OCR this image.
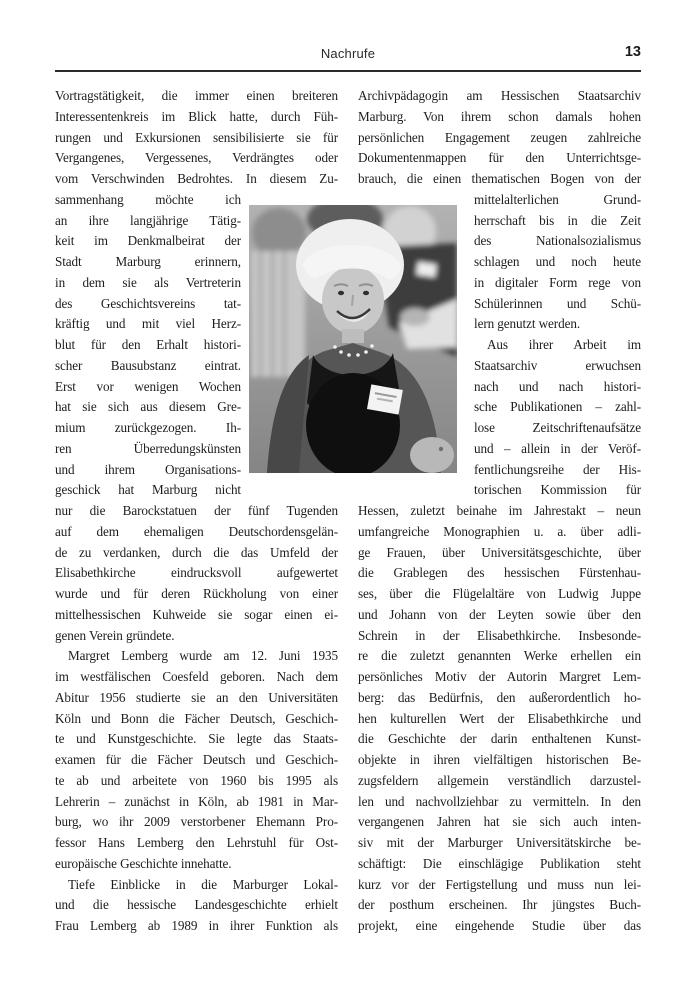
Nachrufe	13
Vortragstätigkeit, die immer einen breiteren
Interessentenkreis im Blick hatte, durch Füh-
rungen und Exkursionen sensibilisierte sie für
Vergangenes, Vergessenes, Verdrängtes oder
vom Verschwinden Bedrohtes. In diesem Zu-
sammenhang möchte ich
an ihre langjährige Tätig-
keit im Denkmalbeirat der
Stadt Marburg erinnern,
in dem sie als Vertreterin
des Geschichtsvereins tat-
kräftig und mit viel Herz-
blut für den Erhalt histori-
scher Bausubstanz eintrat.
Erst vor wenigen Wochen
hat sie sich aus diesem Gre-
mium zurückgezogen. Ih-
ren Überredungskünsten
und ihrem Organisations-
geschick hat Marburg nicht
nur die Barockstatuen der fünf Tugenden
auf dem ehemaligen Deutschordensgelän-
de zu verdanken, durch die das Umfeld der
Elisabethkirche eindrucksvoll aufgewertet
wurde und für deren Rückholung von einer
mittelhessischen Kuhweide sie sogar einen ei-
genen Verein gründete.
Margret Lemberg wurde am 12. Juni 1935
im westfälischen Coesfeld geboren. Nach dem
Abitur 1956 studierte sie an den Universitäten
Köln und Bonn die Fächer Deutsch, Geschich-
te und Kunstgeschichte. Sie legte das Staats-
examen für die Fächer Deutsch und Geschich-
te ab und arbeitete von 1960 bis 1995 als
Lehrerin – zunächst in Köln, ab 1981 in Mar-
burg, wo ihr 2009 verstorbener Ehemann Pro-
fessor Hans Lemberg den Lehrstuhl für Ost-
europäische Geschichte innehatte.
Tiefe Einblicke in die Marburger Lokal-
und die hessische Landesgeschichte erhielt
Frau Lemberg ab 1989 in ihrer Funktion als
Archivpädagogin am Hessischen Staatsarchiv
Marburg. Von ihrem schon damals hohen
persönlichen Engagement zeugen zahlreiche
Dokumentenmappen für den Unterrichtsge-
brauch, die einen thematischen Bogen von der
mittelalterlichen Grund-
herrschaft bis in die Zeit
des Nationalsozialismus
schlagen und noch heute
in digitaler Form rege von
Schülerinnen und Schü-
lern genutzt werden.
Aus ihrer Arbeit im
Staatsarchiv erwuchsen
nach und nach histori-
sche Publikationen – zahl-
lose Zeitschriftenaufsätze
und – allein in der Veröf-
fentlichungsreihe der His-
torischen Kommission für
Hessen, zuletzt beinahe im Jahrestakt – neun
umfangreiche Monographien u. a. über adli-
ge Frauen, über Universitätsgeschichte, über
die Grablegen des hessischen Fürstenhau-
ses, über die Flügelaltäre von Ludwig Juppe
und Johann von der Leyten sowie über den
Schrein in der Elisabethkirche. Insbesonde-
re die zuletzt genannten Werke erhellen ein
persönliches Motiv der Autorin Margret Lem-
berg: das Bedürfnis, den außerordentlich ho-
hen kulturellen Wert der Elisabethkirche und
die Geschichte der darin enthaltenen Kunst-
objekte in ihren vielfältigen historischen Be-
zugsfeldern allgemein verständlich darzustel-
len und nachvollziehbar zu vermitteln. In den
vergangenen Jahren hat sie sich auch inten-
siv mit der Marburger Universitätskirche be-
schäftigt: Die einschlägige Publikation steht
kurz vor der Fertigstellung und muss nun lei-
der posthum erscheinen. Ihr jüngstes Buch-
projekt, eine eingehende Studie über das
